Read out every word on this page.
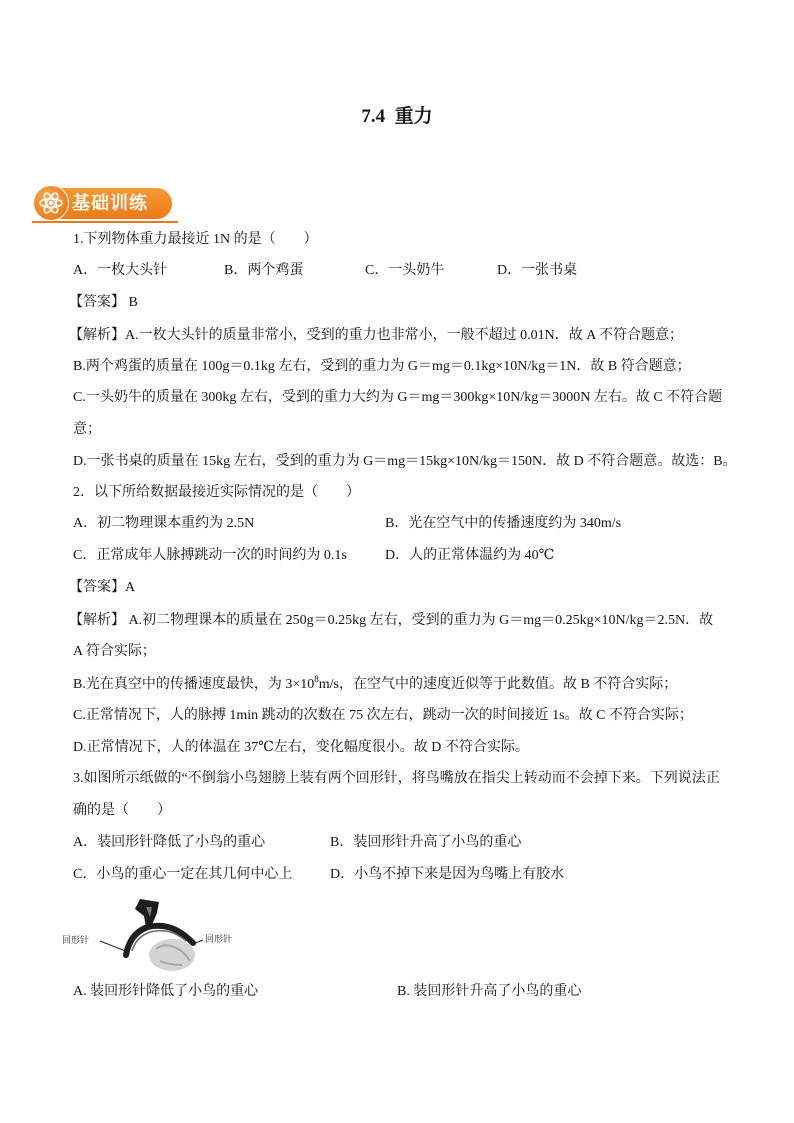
7.4  重力
基础训练
1.下列物体重力最接近 1N 的是（　　）
A．一枚大头针	B．两个鸡蛋	C．一头奶牛	D．一张书桌
【答案】 B
【解析】A.一枚大头针的质量非常小，受到的重力也非常小，一般不超过 0.01N．故 A 不符合题意；
B.两个鸡蛋的质量在 100g＝0.1kg 左右，受到的重力为 G＝mg＝0.1kg×10N/kg＝1N．故 B 符合题意；
C.一头奶牛的质量在 300kg 左右，受到的重力大约为 G＝mg＝300kg×10N/kg＝3000N 左右。故 C 不符合题
意；
D.一张书桌的质量在 15kg 左右，受到的重力为 G＝mg＝15kg×10N/kg＝150N．故 D 不符合题意。故选：B。
2．以下所给数据最接近实际情况的是（　　）
A．初二物理课本重约为 2.5N	B．光在空气中的传播速度约为 340m/s
C．正常成年人脉搏跳动一次的时间约为 0.1s	D．人的正常体温约为 40℃
【答案】A
【解析】 A.初二物理课本的质量在 250g＝0.25kg 左右，受到的重力为 G＝mg＝0.25kg×10N/kg＝2.5N．故
A 符合实际；
B.光在真空中的传播速度最快，为 $3\times 10^8m/s$，在空气中的速度近似等于此数值。故 B 不符合实际；
C.正常情况下，人的脉搏 1min 跳动的次数在 75 次左右，跳动一次的时间接近 1s。故 C 不符合实际；
D.正常情况下，人的体温在 37℃左右，变化幅度很小。故 D 不符合实际。
3.如图所示纸做的“不倒翁小鸟翅膀上装有两个回形针，将鸟嘴放在指尖上转动而不会掉下来。下列说法正
确的是（　　）
A．装回形针降低了小鸟的重心	B．装回形针升高了小鸟的重心
C．小鸟的重心一定在其几何中心上	D．小鸟不掉下来是因为鸟嘴上有胶水
回形针	回形针
A. 装回形针降低了小鸟的重心	B. 装回形针升高了小鸟的重心
